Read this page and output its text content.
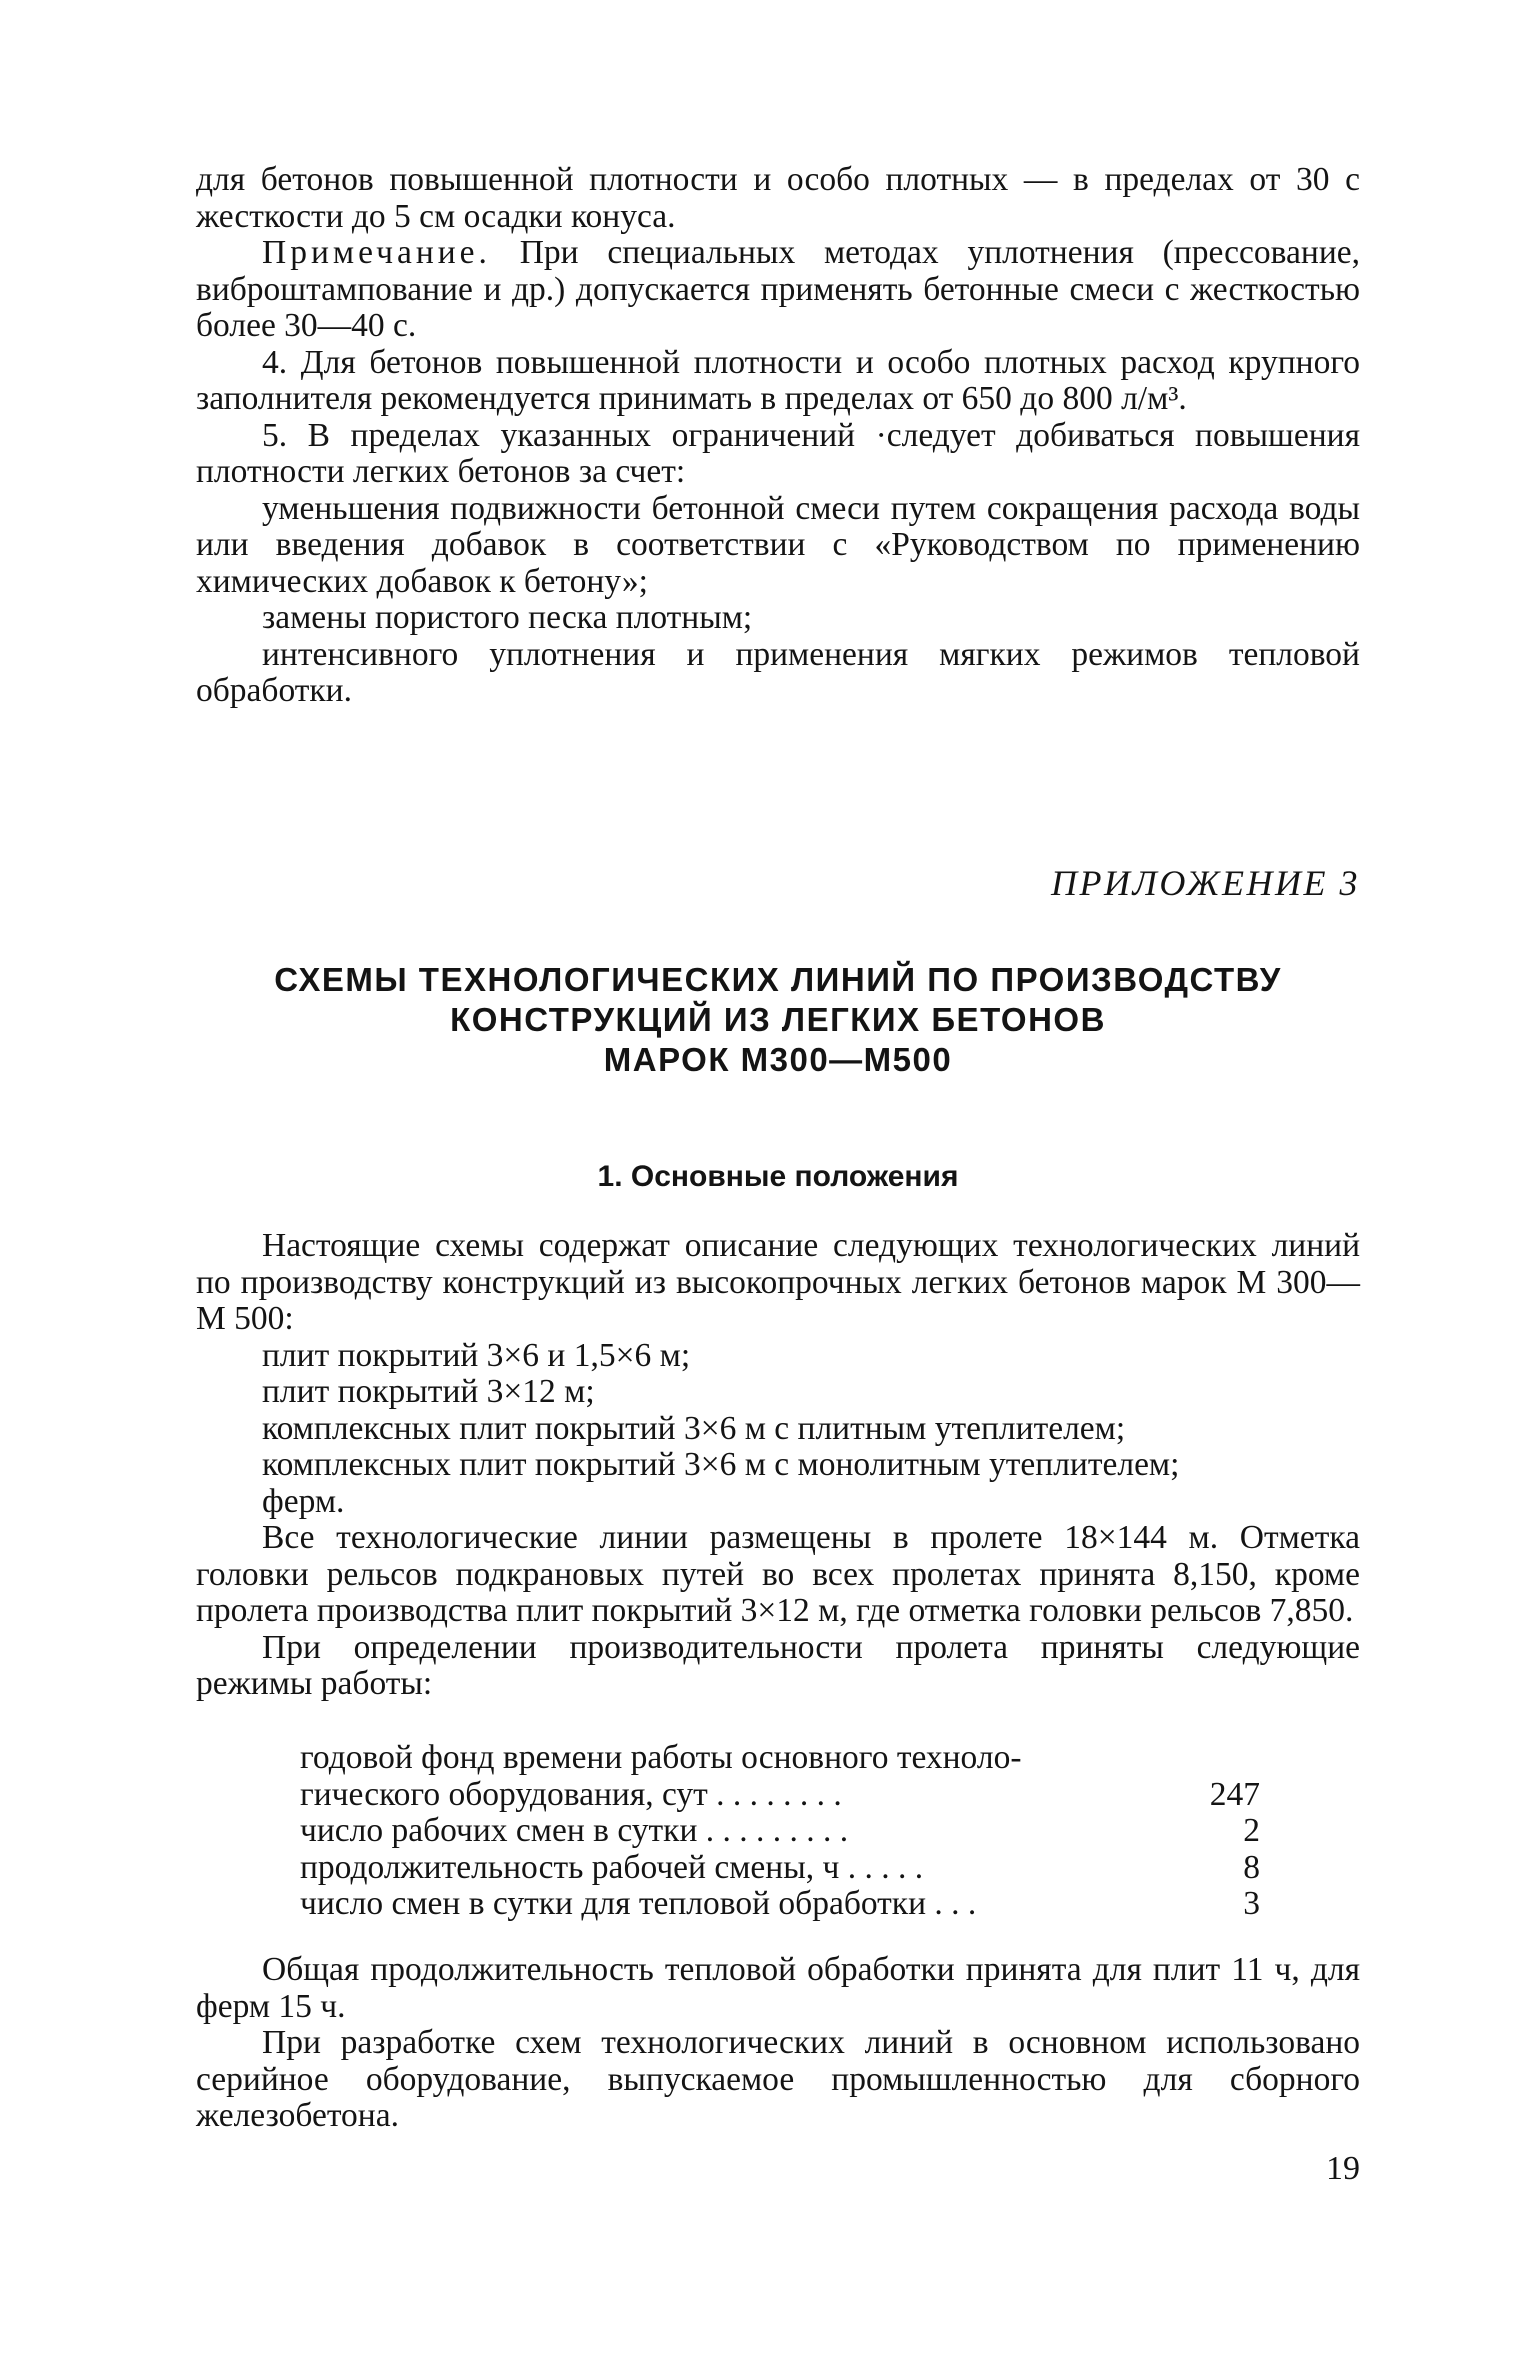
для бетонов повышенной плотности и особо плотных — в пределах от 30 с жесткости до 5 см осадки конуса.

Примечание. При специальных методах уплотнения (прессование, виброштампование и др.) допускается применять бетонные смеси с жесткостью более 30—40 с.

4. Для бетонов повышенной плотности и особо плотных расход крупного заполнителя рекомендуется принимать в пределах от 650 до 800 л/м³.

5. В пределах указанных ограничений ·следует добиваться повышения плотности легких бетонов за счет:

уменьшения подвижности бетонной смеси путем сокращения расхода воды или введения добавок в соответствии с «Руководством по применению химических добавок к бетону»;

замены пористого песка плотным;

интенсивного уплотнения и применения мягких режимов тепловой обработки.

ПРИЛОЖЕНИЕ 3
СХЕМЫ ТЕХНОЛОГИЧЕСКИХ ЛИНИЙ ПО ПРОИЗВОДСТВУ
КОНСТРУКЦИЙ ИЗ ЛЕГКИХ БЕТОНОВ
МАРОК М300—М500
1. Основные положения

Настоящие схемы содержат описание следующих технологических линий по производству конструкций из высокопрочных легких бетонов марок М 300—М 500:

плит покрытий 3×6 и 1,5×6 м;

плит покрытий 3×12 м;

комплексных плит покрытий 3×6 м с плитным утеплителем;

комплексных плит покрытий 3×6 м с монолитным утеплителем;

ферм.

Все технологические линии размещены в пролете 18×144 м. Отметка головки рельсов подкрановых путей во всех пролетах принята 8,150, кроме пролета производства плит покрытий 3×12 м, где отметка головки рельсов 7,850.

При определении производительности пролета приняты следующие режимы работы:

годовой фонд времени работы основного техноло-
гического оборудования, сут . . . . . . . .	247
число рабочих смен в сутки . . . . . . . . .	2
продолжительность рабочей смены, ч . . . . .	8
число смен в сутки для тепловой обработки . . .	3

Общая продолжительность тепловой обработки принята для плит 11 ч, для ферм 15 ч.

При разработке схем технологических линий в основном использовано серийное оборудование, выпускаемое промышленностью для сборного железобетона.

19
